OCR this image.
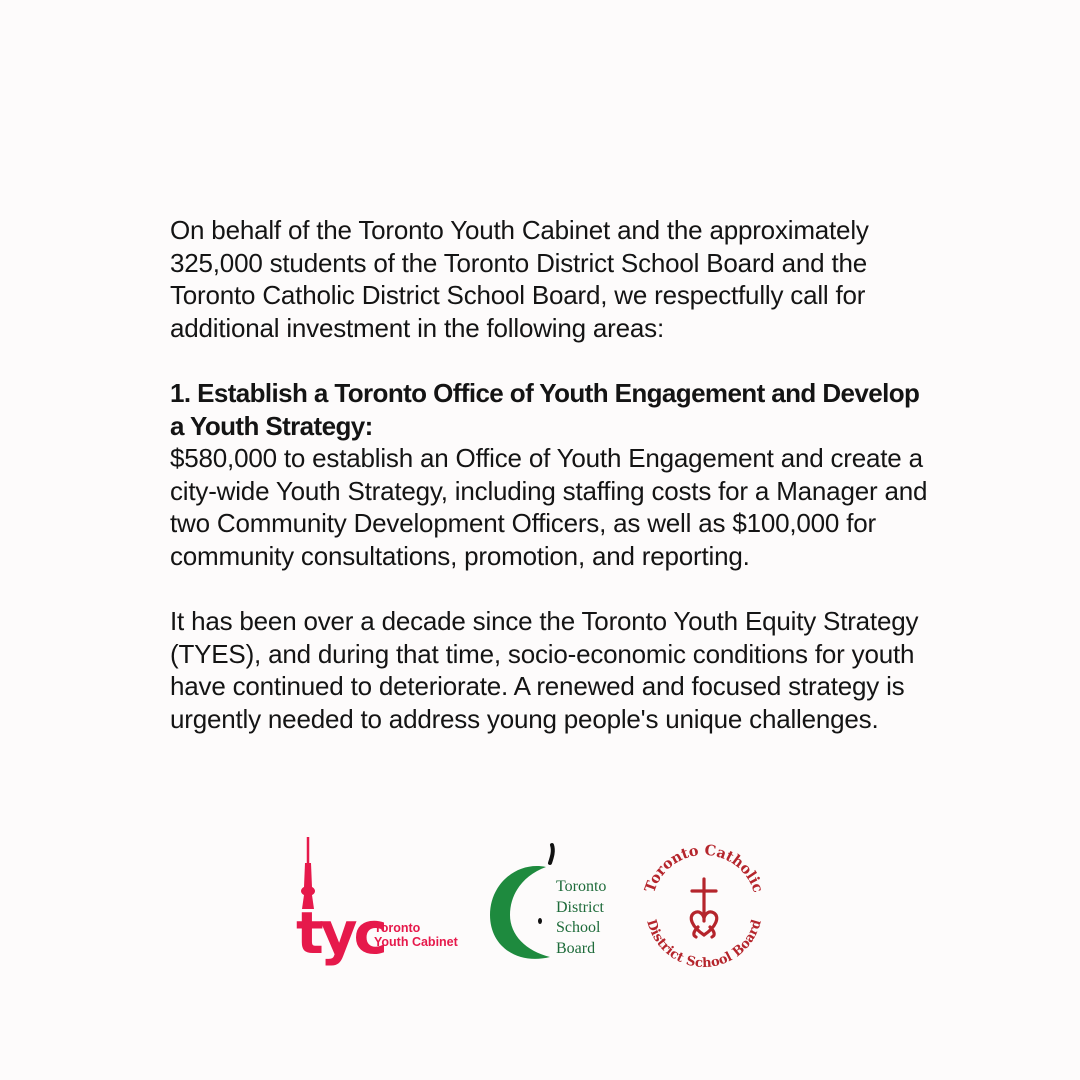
On behalf of the Toronto Youth Cabinet and the approximately 325,000 students of the Toronto District School Board and the Toronto Catholic District School Board, we respectfully call for additional investment in the following areas:

1. Establish a Toronto Office of Youth Engagement and Develop a Youth Strategy:

$580,000 to establish an Office of Youth Engagement and create a city-wide Youth Strategy, including staffing costs for a Manager and two Community Development Officers, as well as $100,000 for community consultations, promotion, and reporting.

It has been over a decade since the Toronto Youth Equity Strategy (TYES), and during that time, socio-economic conditions for youth have continued to deteriorate. A renewed and focused strategy is urgently needed to address young people's unique challenges.

tyc
Toronto
Youth Cabinet
Toronto
District
School
Board
Toronto Catholic
District School Board
